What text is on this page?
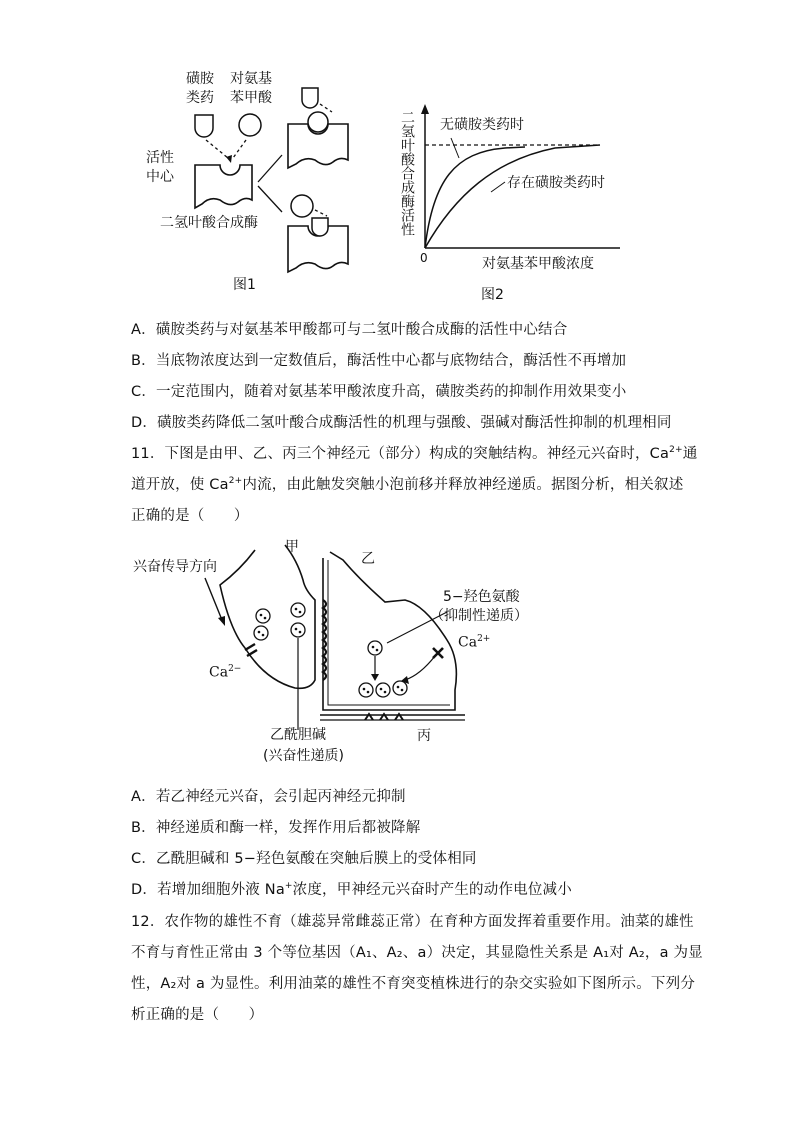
磺胺
类药
对氨基
苯甲酸
活性
中心
二氢叶酸合成酶
图1
二氢叶酸合成酶活性
0	对氨基苯甲酸浓度
无磺胺类药时
存在磺胺类药时
图2
A．磺胺类药与对氨基苯甲酸都可与二氢叶酸合成酶的活性中心结合
B．当底物浓度达到一定数值后，酶活性中心都与底物结合，酶活性不再增加
C．一定范围内，随着对氨基苯甲酸浓度升高，磺胺类药的抑制作用效果变小
D．磺胺类药降低二氢叶酸合成酶活性的机理与强酸、强碱对酶活性抑制的机理相同
11．下图是由甲、乙、丙三个神经元（部分）构成的突触结构。神经元兴奋时，$Ca^{2+}$通
道开放，使 $Ca^{2+}$内流，由此触发突触小泡前移并释放神经递质。据图分析，相关叙述
正确的是（　　）
甲
乙
丙
兴奋传导方向
5−羟色氨酸
（抑制性递质）
$Ca^{2-}$
$Ca^{2+}$
乙酰胆碱
(兴奋性递质)
A．若乙神经元兴奋，会引起丙神经元抑制
B．神经递质和酶一样，发挥作用后都被降解
C．乙酰胆碱和 5−羟色氨酸在突触后膜上的受体相同
D．若增加细胞外液 Na+浓度，甲神经元兴奋时产生的动作电位减小
12．农作物的雄性不育（雄蕊异常雌蕊正常）在育种方面发挥着重要作用。油菜的雄性
不育与育性正常由 3 个等位基因（A₁、A₂、a）决定，其显隐性关系是 A₁对 A₂，a 为显
性，A₂对 a 为显性。利用油菜的雄性不育突变植株进行的杂交实验如下图所示。下列分
析正确的是（　　）
